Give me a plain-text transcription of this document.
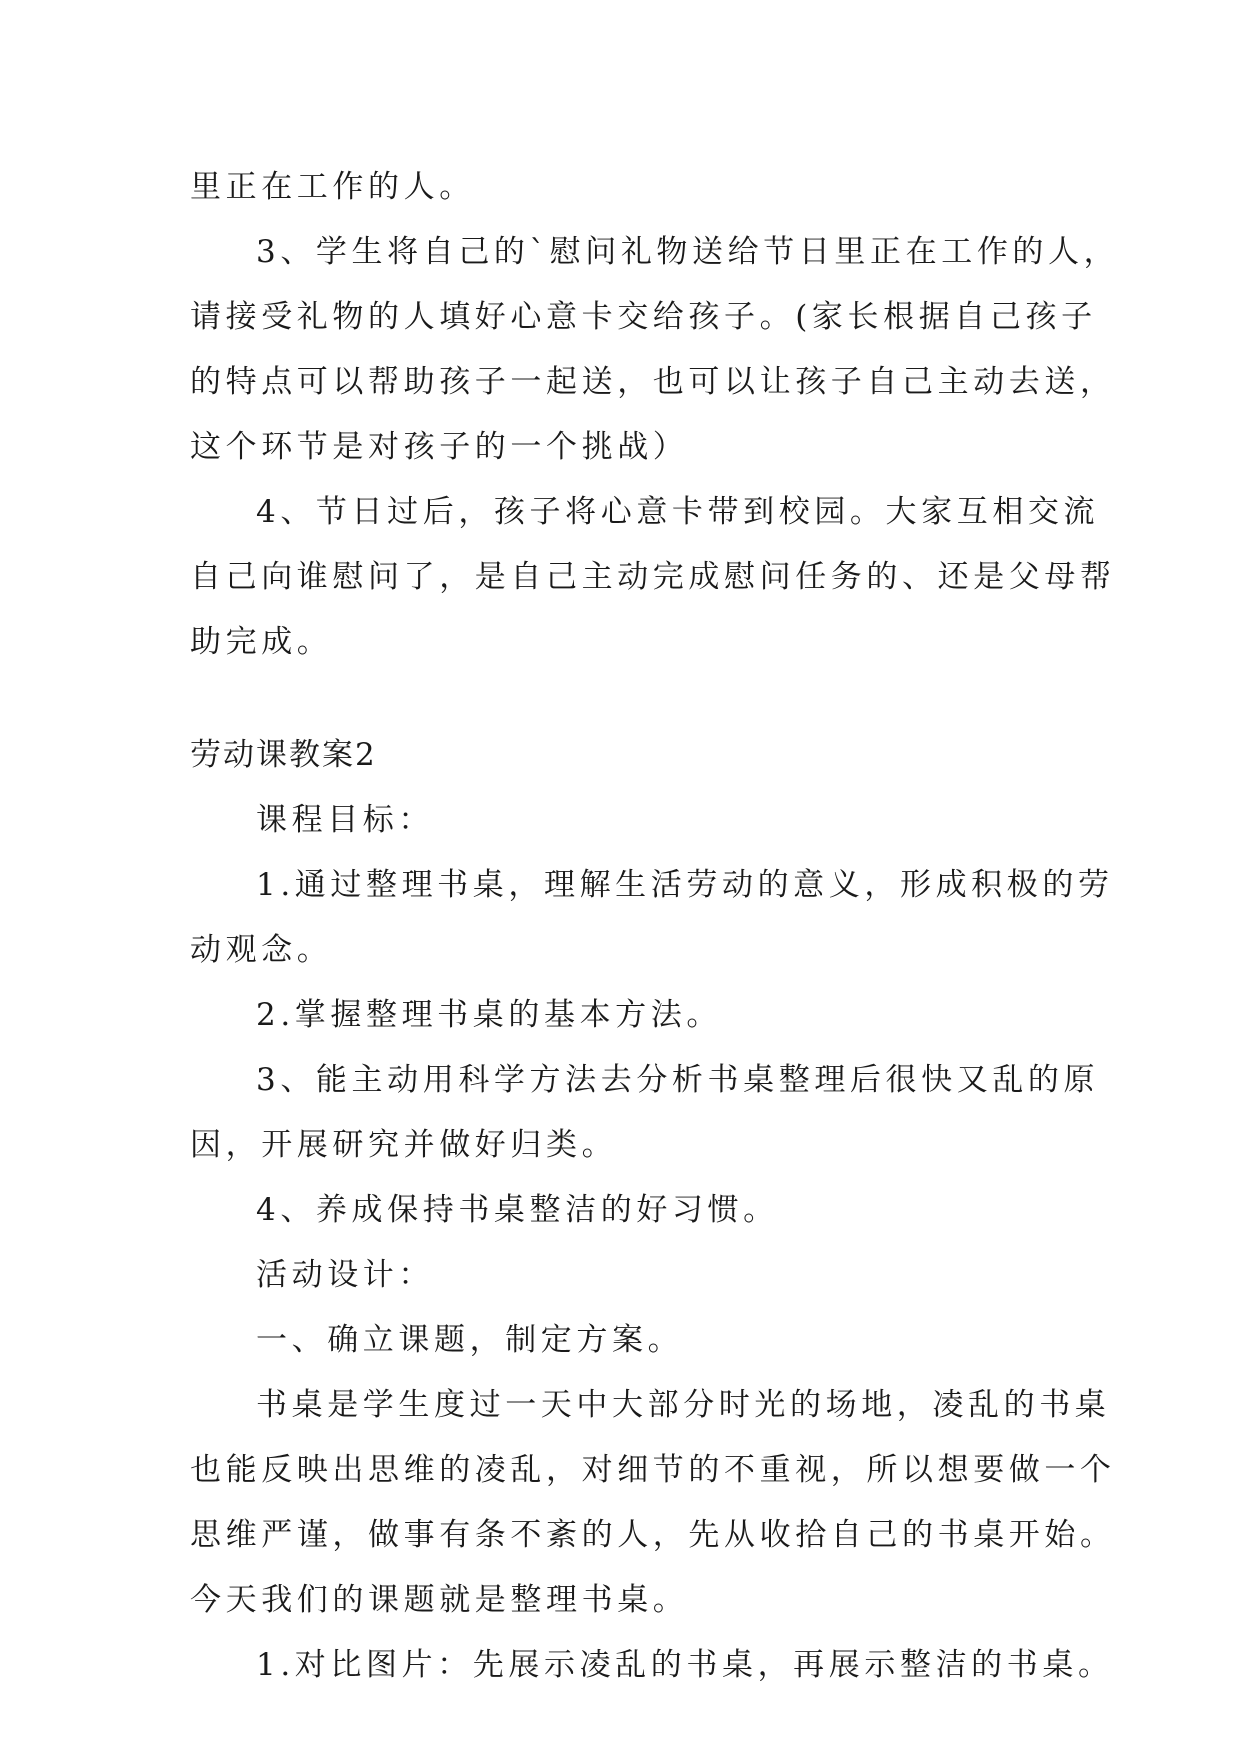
里正在工作的人。
3、学生将自己的`慰问礼物送给节日里正在工作的人，
请接受礼物的人填好心意卡交给孩子。(家长根据自己孩子
的特点可以帮助孩子一起送，也可以让孩子自己主动去送，
这个环节是对孩子的一个挑战）
4、节日过后，孩子将心意卡带到校园。大家互相交流
自己向谁慰问了，是自己主动完成慰问任务的、还是父母帮
助完成。
劳动课教案2
课程目标：
1.通过整理书桌，理解生活劳动的意义，形成积极的劳
动观念。
2.掌握整理书桌的基本方法。
3、能主动用科学方法去分析书桌整理后很快又乱的原
因，开展研究并做好归类。
4、养成保持书桌整洁的好习惯。
活动设计：
一、确立课题，制定方案。
书桌是学生度过一天中大部分时光的场地，凌乱的书桌
也能反映出思维的凌乱，对细节的不重视，所以想要做一个
思维严谨，做事有条不紊的人，先从收拾自己的书桌开始。
今天我们的课题就是整理书桌。
1.对比图片：先展示凌乱的书桌，再展示整洁的书桌。
